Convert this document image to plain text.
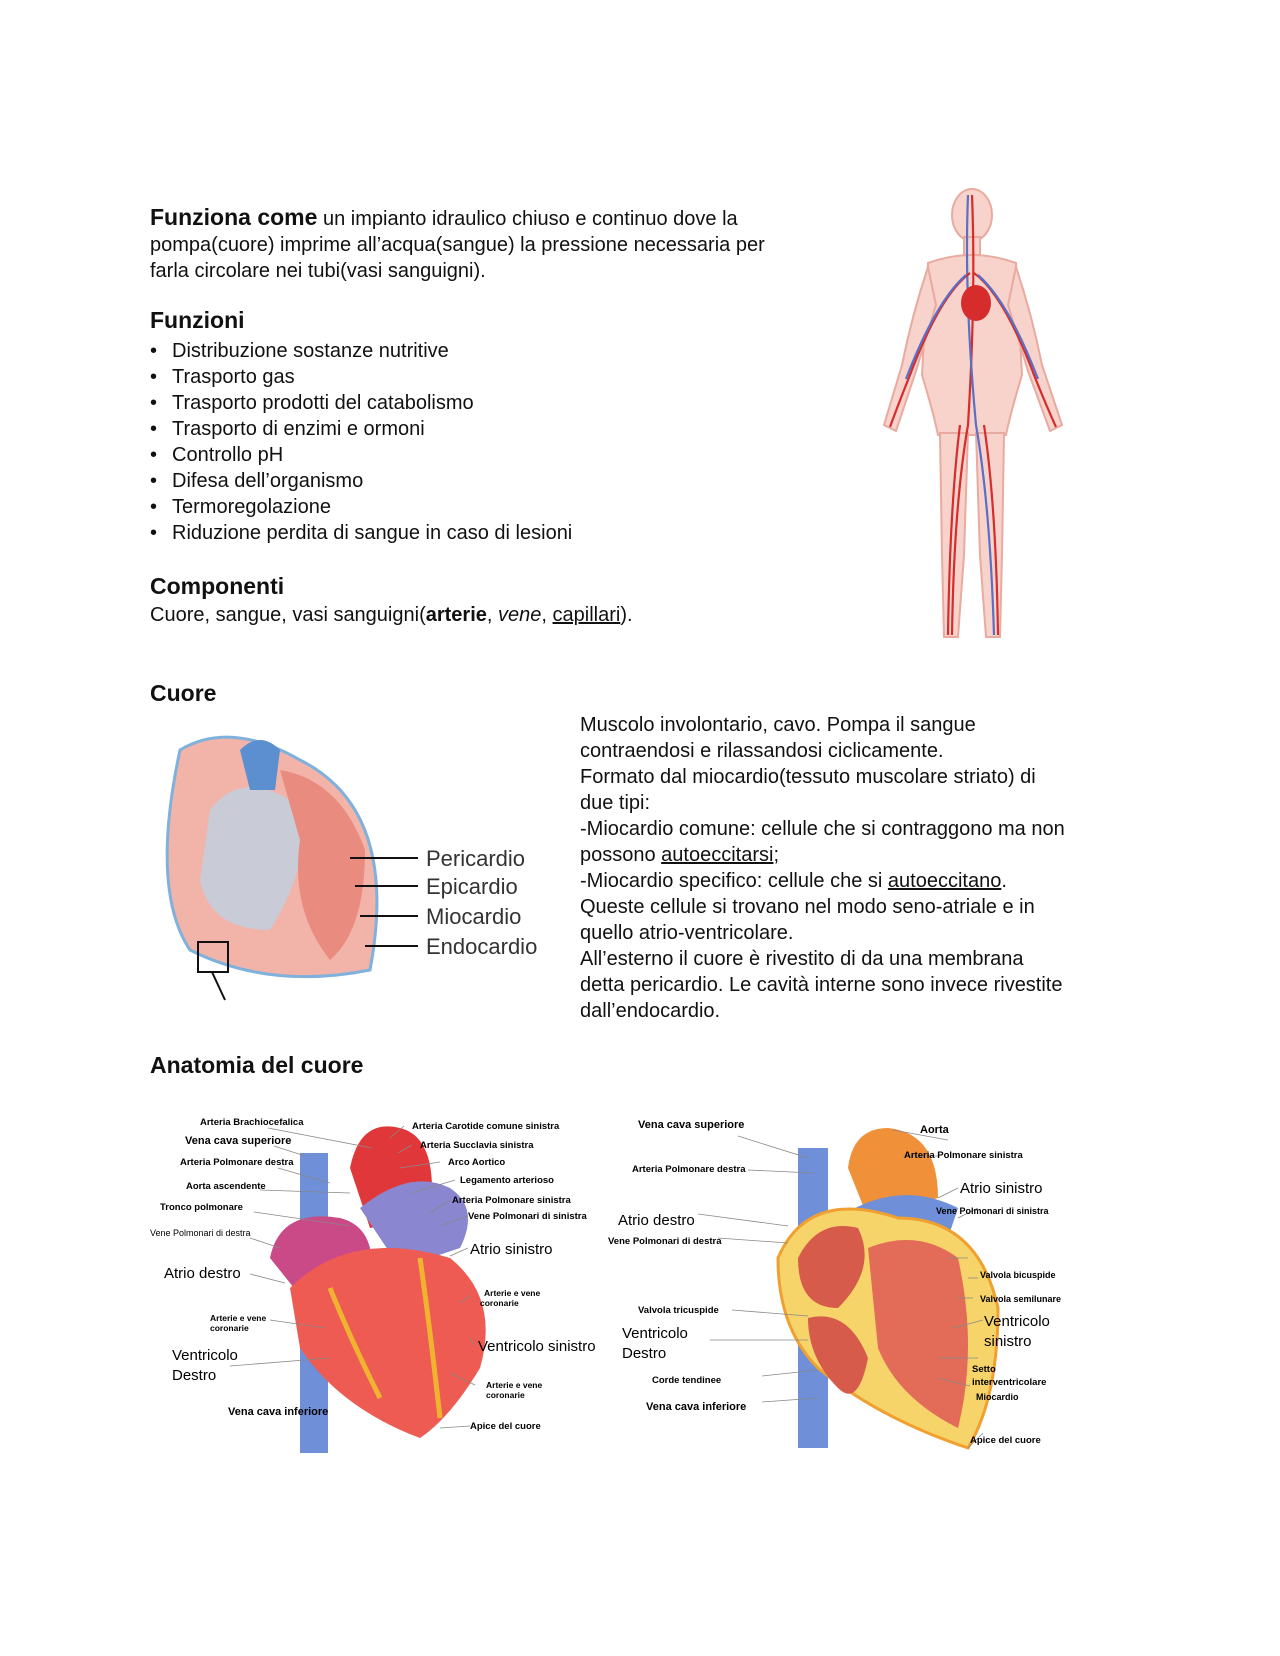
Funziona come un impianto idraulico chiuso e continuo dove la
pompa(cuore) imprime all’acqua(sangue) la pressione necessaria per
farla circolare nei tubi(vasi sanguigni).
Funzioni
• Distribuzione sostanze nutritive
• Trasporto gas
• Trasporto prodotti del catabolismo
• Trasporto di enzimi e ormoni
• Controllo pH
• Difesa dell’organismo
• Termoregolazione
• Riduzione perdita di sangue in caso di lesioni
Componenti
Cuore, sangue, vasi sanguigni(arterie, vene, capillari).
Cuore
Pericardio
Epicardio
Miocardio
Endocardio

Muscolo involontario, cavo. Pompa il sangue

contraendosi e rilassandosi ciclicamente.

Formato dal miocardio(tessuto muscolare striato) di

due tipi:

-Miocardio comune: cellule che si contraggono ma non

possono autoeccitarsi;

-Miocardio specifico: cellule che si autoeccitano.

Queste cellule si trovano nel modo seno-atriale e in

quello atrio-ventricolare.

All’esterno il cuore è rivestito di da una membrana

detta pericardio. Le cavità interne sono invece rivestite

dall’endocardio.

Anatomia del cuore
Arteria Brachiocefalica
Vena cava superiore
Arteria Polmonare destra
Aorta ascendente
Tronco polmonare
Vene Polmonari di destra
Atrio destro
Arterie e vene
coronarie
Ventricolo
Destro
Vena cava inferiore
Arteria Carotide comune sinistra
Arteria Succlavia sinistra
Arco Aortico
Legamento arterioso
Arteria Polmonare sinistra
Vene Polmonari di sinistra
Atrio sinistro
Arterie e vene
coronarie
Ventricolo sinistro
Arterie e vene
coronarie
Apice del cuore
Vena cava superiore
Arteria Polmonare destra
Atrio destro
Vene Polmonari di destra
Valvola tricuspide
Ventricolo
Destro
Corde tendinee
Vena cava inferiore
Aorta
Arteria Polmonare sinistra
Atrio sinistro
Vene Polmonari di sinistra
Valvola bicuspide
Valvola semilunare
Ventricolo
sinistro
Setto
interventricolare
Miocardio
Apice del cuore
